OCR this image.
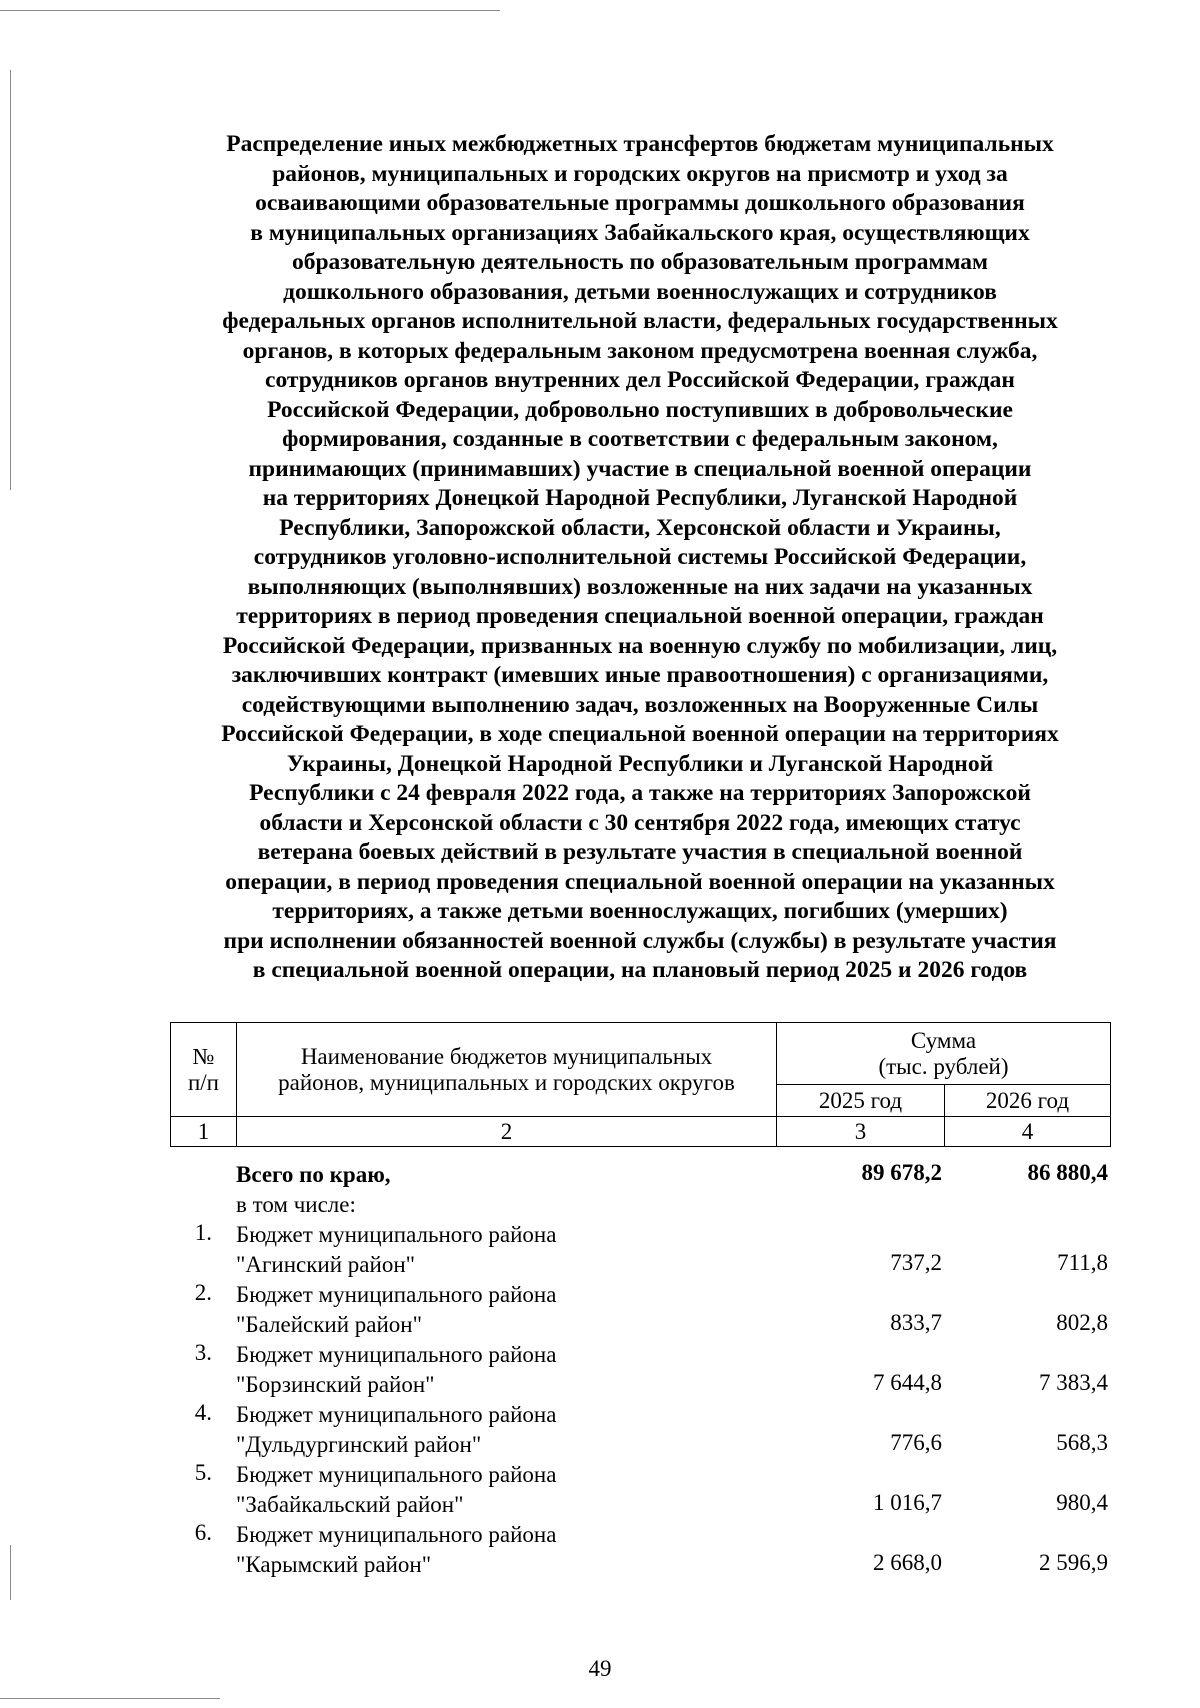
Распределение иных межбюджетных трансфертов бюджетам муниципальных
районов, муниципальных и городских округов на присмотр и уход за
осваивающими образовательные программы дошкольного образования
в муниципальных организациях Забайкальского края, осуществляющих
образовательную деятельность по образовательным программам
дошкольного образования, детьми военнослужащих и сотрудников
федеральных органов исполнительной власти, федеральных государственных
органов, в которых федеральным законом предусмотрена военная служба,
сотрудников органов внутренних дел Российской Федерации, граждан
Российской Федерации, добровольно поступивших в добровольческие
формирования, созданные в соответствии с федеральным законом,
принимающих (принимавших) участие в специальной военной операции
на территориях Донецкой Народной Республики, Луганской Народной
Республики, Запорожской области, Херсонской области и Украины,
сотрудников уголовно-исполнительной системы Российской Федерации,
выполняющих (выполнявших) возложенные на них задачи на указанных
территориях в период проведения специальной военной операции, граждан
Российской Федерации, призванных на военную службу по мобилизации, лиц,
заключивших контракт (имевших иные правоотношения) с организациями,
содействующими выполнению задач, возложенных на Вооруженные Силы
Российской Федерации, в ходе специальной военной операции на территориях
Украины, Донецкой Народной Республики и Луганской Народной
Республики с 24 февраля 2022 года, а также на территориях Запорожской
области и Херсонской области с 30 сентября 2022 года, имеющих статус
ветерана боевых действий в результате участия в специальной военной
операции, в период проведения специальной военной операции на указанных
территориях, а также детьми военнослужащих, погибших (умерших)
при исполнении обязанностей военной службы (службы) в результате участия
в специальной военной операции, на плановый период 2025 и 2026 годов
№
п/п	Наименование бюджетов муниципальных
районов, муниципальных и городских округов	Сумма
(тыс. рублей)	
		2025 год	2026 год
1	2	3	4
Всего по краю,	89 678,2	86 880,4
в том числе:
1. Бюджет муниципального района
"Агинский район"	737,2	711,8
2. Бюджет муниципального района
"Балейский район"	833,7	802,8
3. Бюджет муниципального района
"Борзинский район"	7 644,8	7 383,4
4. Бюджет муниципального района
"Дульдургинский район"	776,6	568,3
5. Бюджет муниципального района
"Забайкальский район"	1 016,7	980,4
6. Бюджет муниципального района
"Карымский район"	2 668,0	2 596,9
49
